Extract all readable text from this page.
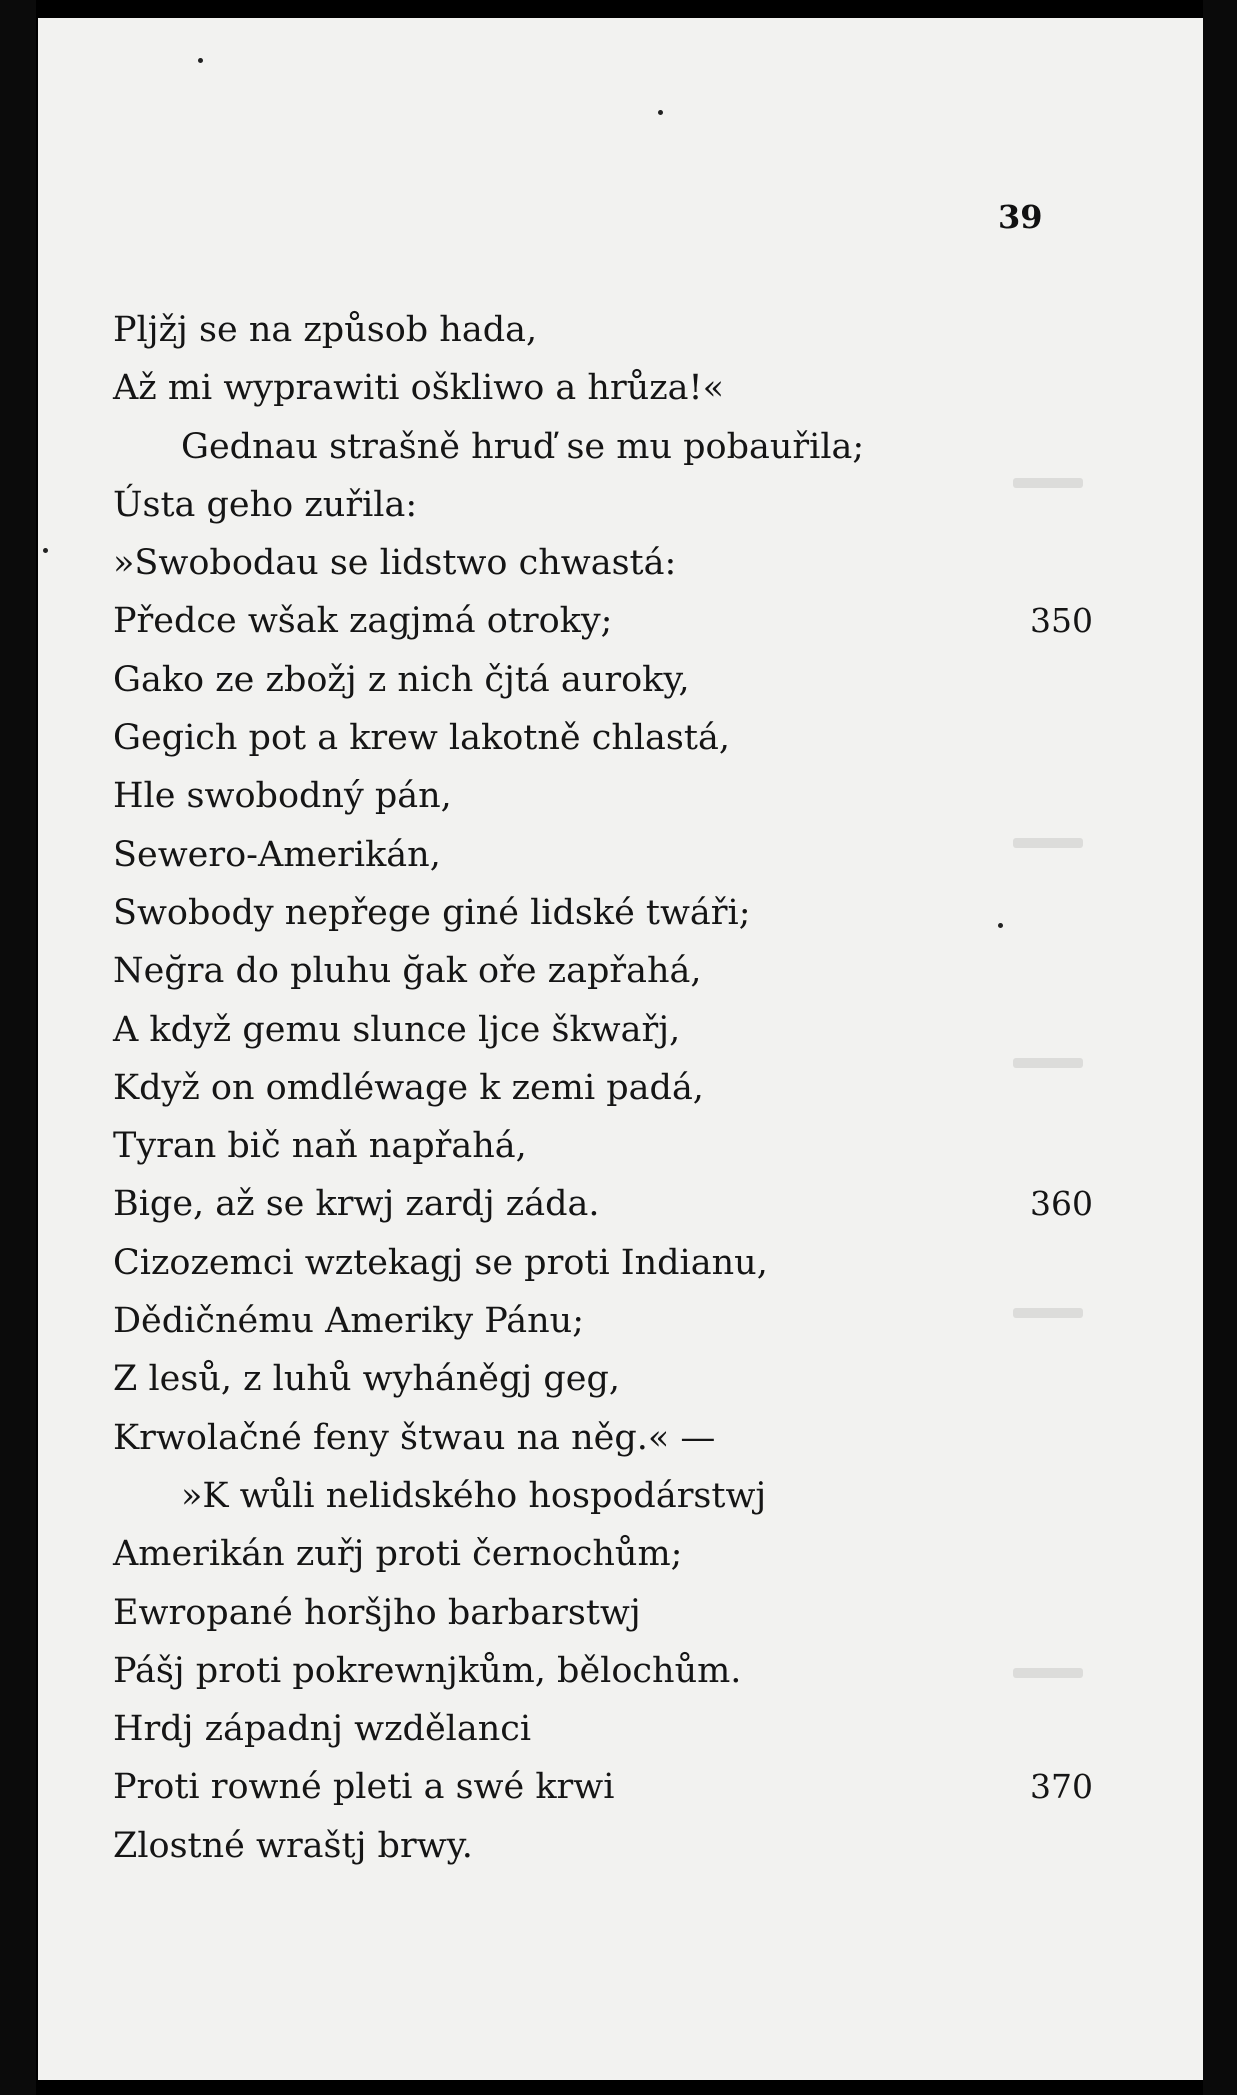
39

Pljžj se na způsob hada,
Až mi wyprawiti oškliwo a hrůza!«
Gednau strašně hruď se mu pobauřila;
Ústa geho zuřila:
»Swobodau se lidstwo chwastá:
Předce wšak zagjmá otroky;	350
Gako ze zbožj z nich čjtá auroky,
Gegich pot a krew lakotně chlastá,
Hle swobodný pán,
Sewero-Amerikán,
Swobody nepřege giné lidské twáři;
Neğra do pluhu ğak oře zapřahá,
A když gemu slunce ljce škwařj,
Když on omdléwage k zemi padá,
Tyran bič naň napřahá,
Bige, až se krwj zardj záda.	360
Cizozemci wztekagj se proti Indianu,
Dědičnému Ameriky Pánu;
Z lesů, z luhů wyháněgj geg,
Krwolačné feny štwau na něg.« —
»K wůli nelidského hospodárstwj
Amerikán zuřj proti černochům;
Ewropané horšjho barbarstwj
Pášj proti pokrewnjkům, bělochům.
Hrdj západnj wzdělanci
Proti rowné pleti a swé krwi	370
Zlostné wraštj brwy.
